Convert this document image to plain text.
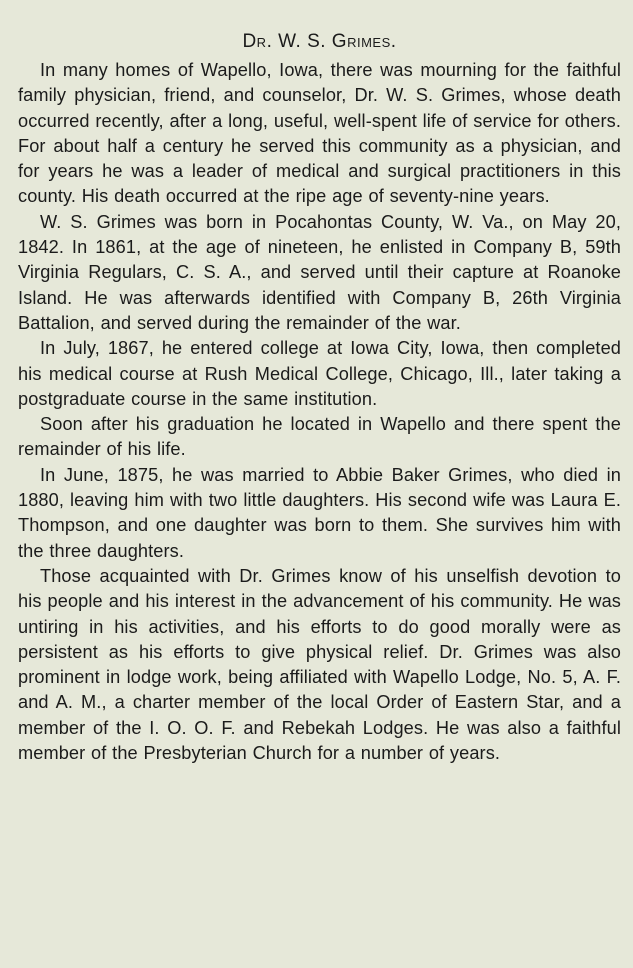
Dr. W. S. Grimes.

In many homes of Wapello, Iowa, there was mourning for the faithful family physician, friend, and counselor, Dr. W. S. Grimes, whose death occurred recently, after a long, useful, well-spent life of service for others. For about half a century he served this community as a physician, and for years he was a leader of medical and surgical practitioners in this county. His death occurred at the ripe age of seventy-nine years.

W. S. Grimes was born in Pocahontas County, W. Va., on May 20, 1842. In 1861, at the age of nineteen, he enlisted in Company B, 59th Virginia Regulars, C. S. A., and served until their capture at Roanoke Island. He was afterwards identified with Company B, 26th Virginia Battalion, and served during the remainder of the war.

In July, 1867, he entered college at Iowa City, Iowa, then completed his medical course at Rush Medical College, Chicago, Ill., later taking a postgraduate course in the same institution.

Soon after his graduation he located in Wapello and there spent the remainder of his life.

In June, 1875, he was married to Abbie Baker Grimes, who died in 1880, leaving him with two little daughters. His second wife was Laura E. Thompson, and one daughter was born to them. She survives him with the three daughters.

Those acquainted with Dr. Grimes know of his unselfish devotion to his people and his interest in the advancement of his community. He was untiring in his activities, and his efforts to do good morally were as persistent as his efforts to give physical relief. Dr. Grimes was also prominent in lodge work, being affiliated with Wapello Lodge, No. 5, A. F. and A. M., a charter member of the local Order of Eastern Star, and a member of the I. O. O. F. and Rebekah Lodges. He was also a faithful member of the Presbyterian Church for a number of years.
